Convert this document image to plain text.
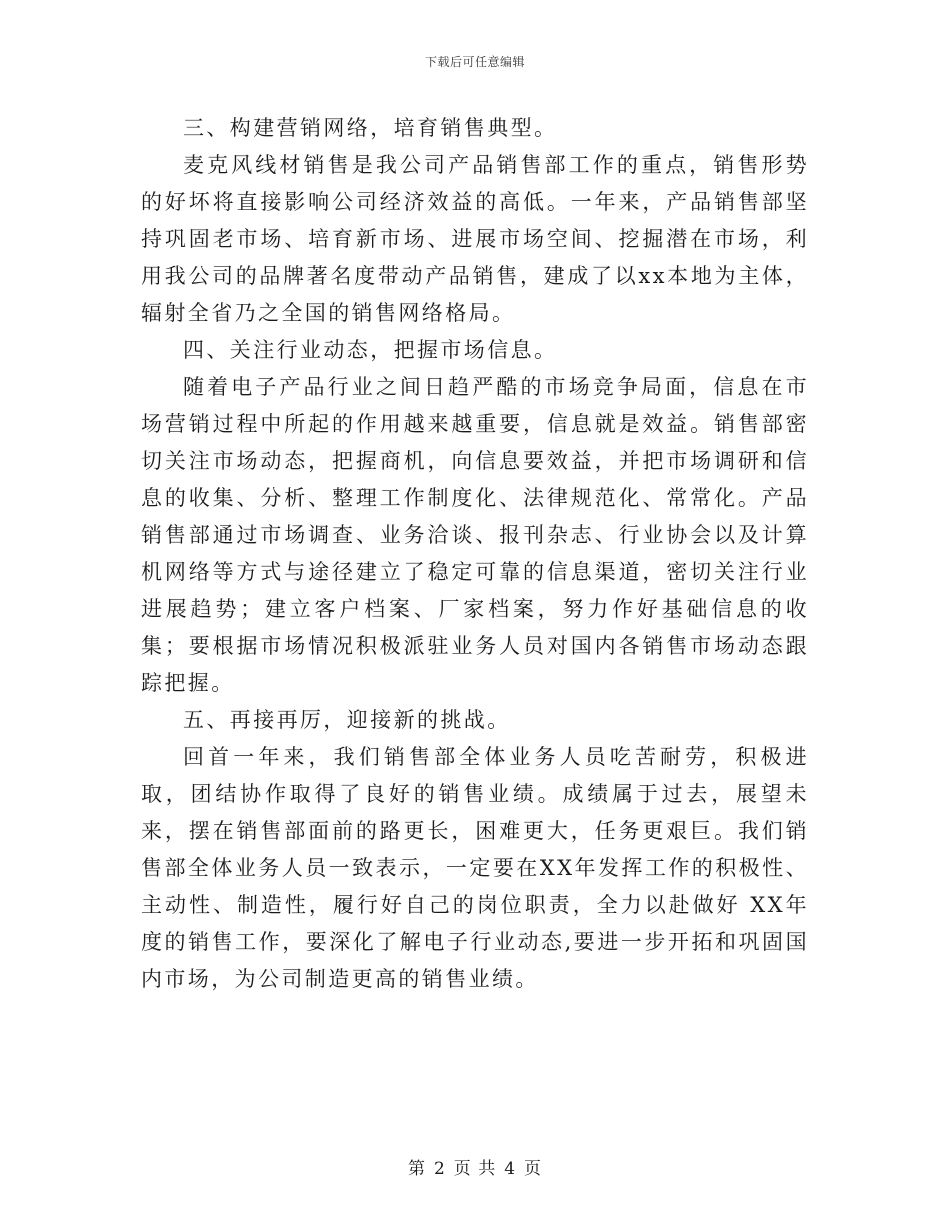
下载后可任意编辑

三、构建营销网络，培育销售典型。

麦克风线材销售是我公司产品销售部工作的重点，销售形势的好坏将直接影响公司经济效益的高低。一年来，产品销售部坚持巩固老市场、培育新市场、进展市场空间、挖掘潜在市场，利用我公司的品牌著名度带动产品销售，建成了以xx本地为主体，辐射全省乃之全国的销售网络格局。

四、关注行业动态，把握市场信息。

随着电子产品行业之间日趋严酷的市场竞争局面，信息在市场营销过程中所起的作用越来越重要，信息就是效益。销售部密切关注市场动态，把握商机，向信息要效益，并把市场调研和信息的收集、分析、整理工作制度化、法律规范化、常常化。产品销售部通过市场调查、业务洽谈、报刊杂志、行业协会以及计算机网络等方式与途径建立了稳定可靠的信息渠道，密切关注行业进展趋势；建立客户档案、厂家档案，努力作好基础信息的收集；要根据市场情况积极派驻业务人员对国内各销售市场动态跟踪把握。

五、再接再厉，迎接新的挑战。

回首一年来，我们销售部全体业务人员吃苦耐劳，积极进取，团结协作取得了良好的销售业绩。成绩属于过去，展望未来，摆在销售部面前的路更长，困难更大，任务更艰巨。我们销售部全体业务人员一致表示，一定要在XX年发挥工作的积极性、主动性、制造性，履行好自己的岗位职责，全力以赴做好 XX年度的销售工作，要深化了解电子行业动态,要进一步开拓和巩固国内市场，为公司制造更高的销售业绩。

第 2 页 共 4 页
